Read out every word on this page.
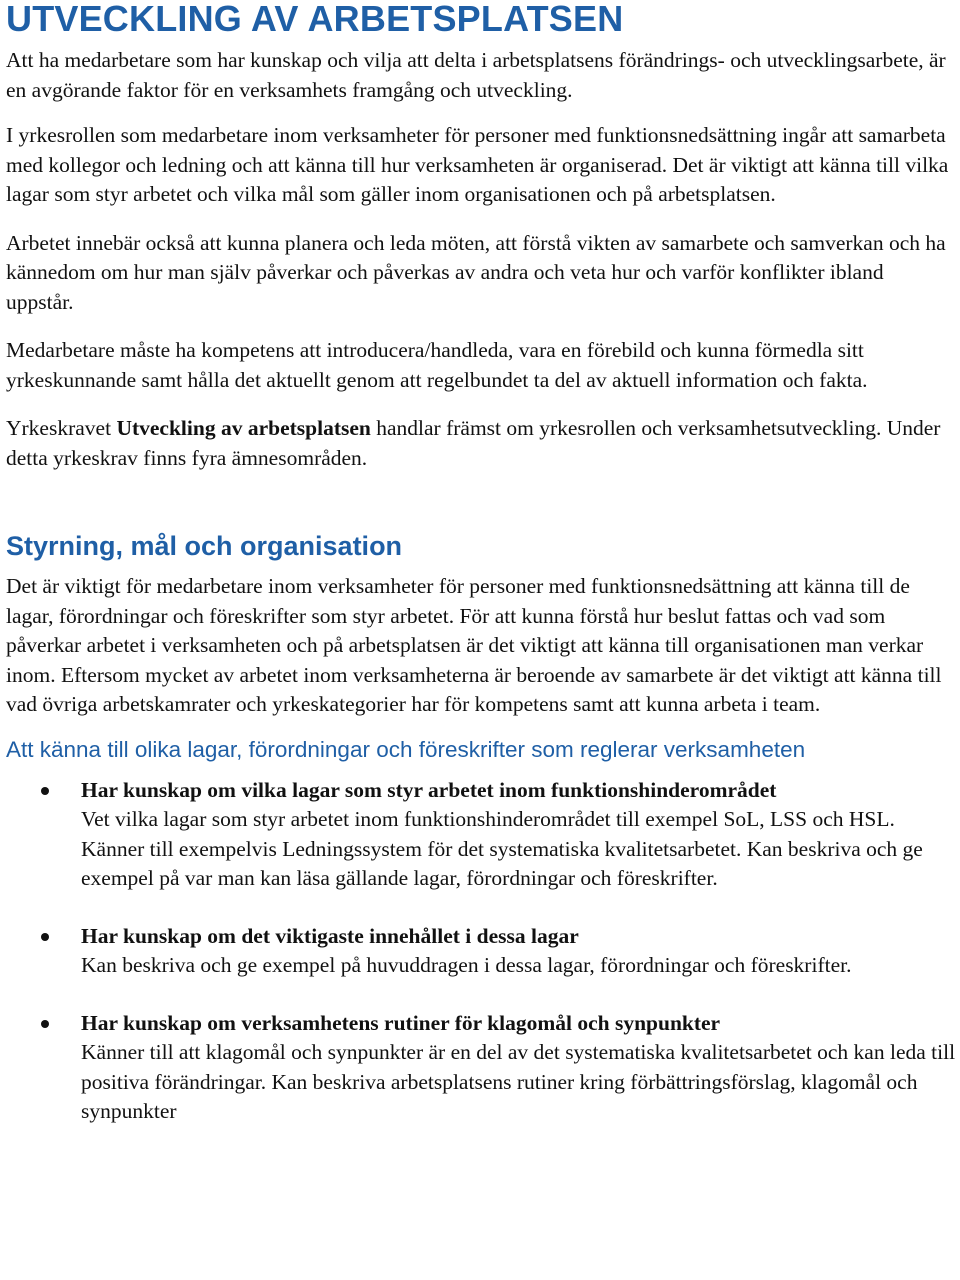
UTVECKLING AV ARBETSPLATSEN

Att ha medarbetare som har kunskap och vilja att delta i arbetsplatsens förändrings- och utvecklingsarbete, är en avgörande faktor för en verksamhets framgång och utveckling.

I yrkesrollen som medarbetare inom verksamheter för personer med funktionsnedsättning ingår att samarbeta med kollegor och ledning och att känna till hur verksamheten är organiserad. Det är viktigt att känna till vilka lagar som styr arbetet och vilka mål som gäller inom organisationen och på arbetsplatsen.

Arbetet innebär också att kunna planera och leda möten, att förstå vikten av samarbete och samverkan och ha kännedom om hur man själv påverkar och påverkas av andra och veta hur och varför konflikter ibland uppstår.

Medarbetare måste ha kompetens att introducera/handleda, vara en förebild och kunna förmedla sitt yrkeskunnande samt hålla det aktuellt genom att regelbundet ta del av aktuell information och fakta.

Yrkeskravet Utveckling av arbetsplatsen handlar främst om yrkesrollen och verksamhetsutveckling. Under detta yrkeskrav finns fyra ämnesområden.

Styrning, mål och organisation

Det är viktigt för medarbetare inom verksamheter för personer med funktionsnedsättning att känna till de lagar, förordningar och föreskrifter som styr arbetet. För att kunna förstå hur beslut fattas och vad som påverkar arbetet i verksamheten och på arbetsplatsen är det viktigt att känna till organisationen man verkar inom. Eftersom mycket av arbetet inom verksamheterna är beroende av samarbete är det viktigt att känna till vad övriga arbetskamrater och yrkeskategorier har för kompetens samt att kunna arbeta i team.

Att känna till olika lagar, förordningar och föreskrifter som reglerar verksamheten
Har kunskap om vilka lagar som styr arbetet inom funktionshinderområdet
Vet vilka lagar som styr arbetet inom funktionshinderområdet till exempel SoL, LSS och HSL. Känner till exempelvis Ledningssystem för det systematiska kvalitetsarbetet. Kan beskriva och ge exempel på var man kan läsa gällande lagar, förordningar och föreskrifter.
Har kunskap om det viktigaste innehållet i dessa lagar
Kan beskriva och ge exempel på huvuddragen i dessa lagar, förordningar och föreskrifter.
Har kunskap om verksamhetens rutiner för klagomål och synpunkter
Känner till att klagomål och synpunkter är en del av det systematiska kvalitetsarbetet och kan leda till positiva förändringar. Kan beskriva arbetsplatsens rutiner kring förbättringsförslag, klagomål och synpunkter
